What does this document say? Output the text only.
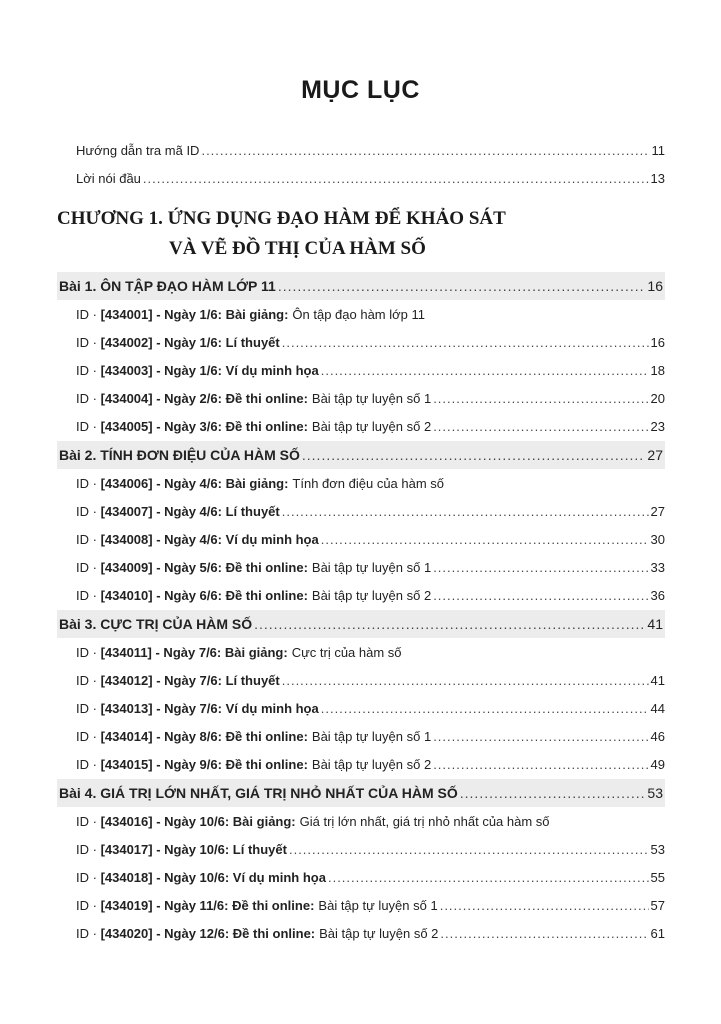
MỤC LỤC
Hướng dẫn tra mã ID .....	11
Lời nói đầu .....	13
CHƯƠNG 1. ỨNG DỤNG ĐẠO HÀM ĐỂ KHẢO SÁT
VÀ VẼ ĐỒ THỊ CỦA HÀM SỐ
Bài 1. ÔN TẬP ĐẠO HÀM LỚP 11 .....	16
ID · [434001] - Ngày 1/6: Bài giảng: Ôn tập đạo hàm lớp 11
ID · [434002] - Ngày 1/6: Lí thuyết .....	16
ID · [434003] - Ngày 1/6: Ví dụ minh họa .....	18
ID · [434004] - Ngày 2/6: Đề thi online: Bài tập tự luyện số 1 .....	20
ID · [434005] - Ngày 3/6: Đề thi online: Bài tập tự luyện số 2 .....	23
Bài 2. TÍNH ĐƠN ĐIỆU CỦA HÀM SỐ .....	27
ID · [434006] - Ngày 4/6: Bài giảng: Tính đơn điệu của hàm số
ID · [434007] - Ngày 4/6: Lí thuyết .....	27
ID · [434008] - Ngày 4/6: Ví dụ minh họa .....	30
ID · [434009] - Ngày 5/6: Đề thi online: Bài tập tự luyện số 1 .....	33
ID · [434010] - Ngày 6/6: Đề thi online: Bài tập tự luyện số 2 .....	36
Bài 3. CỰC TRỊ CỦA HÀM SỐ .....	41
ID · [434011] - Ngày 7/6: Bài giảng: Cực trị của hàm số
ID · [434012] - Ngày 7/6: Lí thuyết .....	41
ID · [434013] - Ngày 7/6: Ví dụ minh họa .....	44
ID · [434014] - Ngày 8/6: Đề thi online: Bài tập tự luyện số 1 .....	46
ID · [434015] - Ngày 9/6: Đề thi online: Bài tập tự luyện số 2 .....	49
Bài 4. GIÁ TRỊ LỚN NHẤT, GIÁ TRỊ NHỎ NHẤT CỦA HÀM SỐ .....	53
ID · [434016] - Ngày 10/6: Bài giảng: Giá trị lớn nhất, giá trị nhỏ nhất của hàm số
ID · [434017] - Ngày 10/6: Lí thuyết .....	53
ID · [434018] - Ngày 10/6: Ví dụ minh họa .....	55
ID · [434019] - Ngày 11/6: Đề thi online: Bài tập tự luyện số 1 .....	57
ID · [434020] - Ngày 12/6: Đề thi online: Bài tập tự luyện số 2 .....	61
